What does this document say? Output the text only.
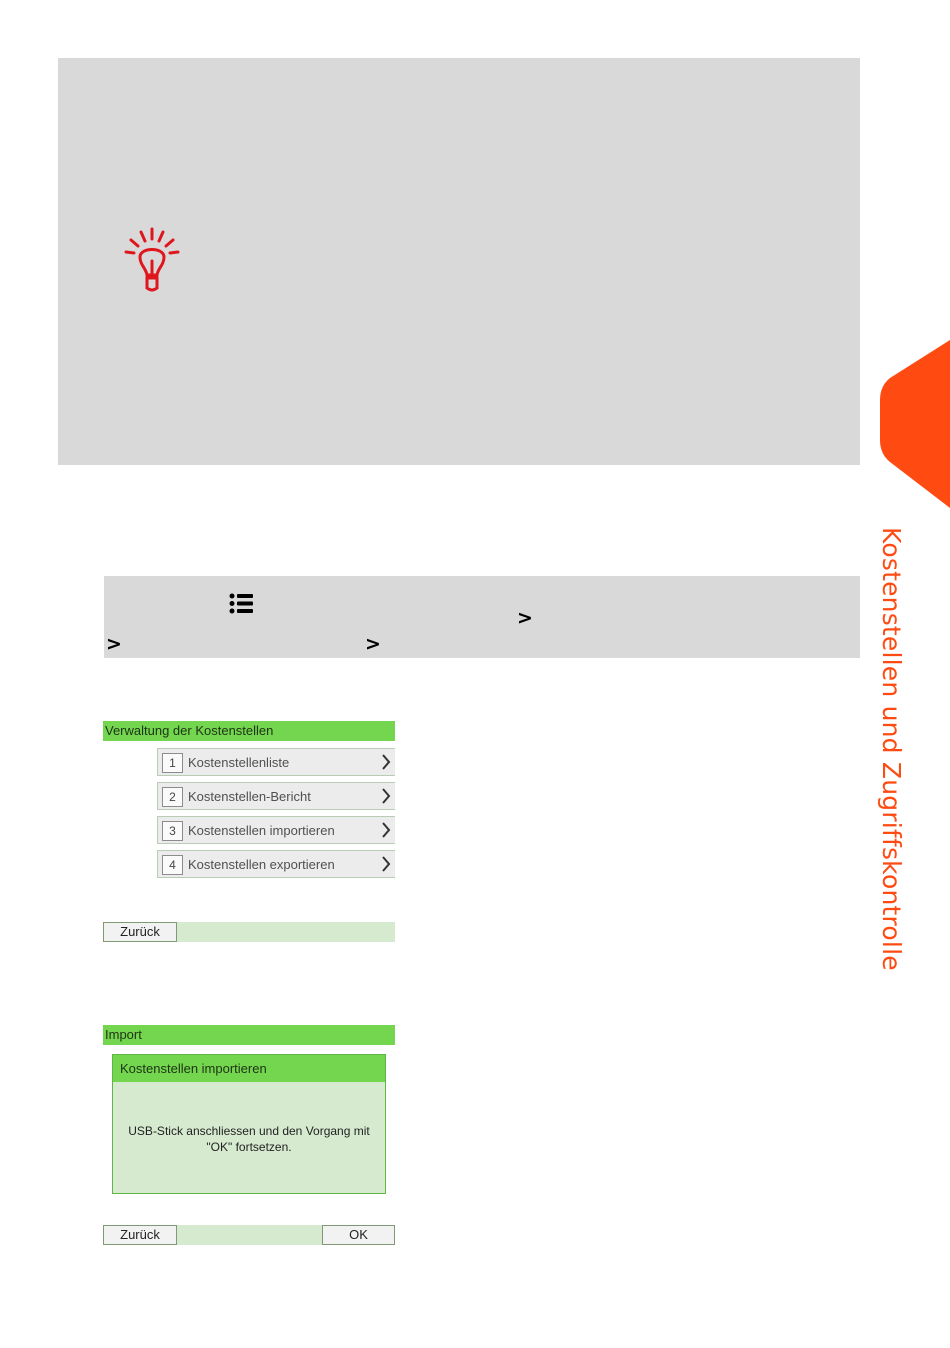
Kostenstellen und Zugriffskontrolle
>
>	>
Verwaltung der Kostenstellen
1 Kostenstellenliste
2 Kostenstellen-Bericht
3 Kostenstellen importieren
4 Kostenstellen exportieren
Zurück
Import
Kostenstellen importieren
USB-Stick anschliessen und den Vorgang mit
"OK" fortsetzen.
Zurück	OK
